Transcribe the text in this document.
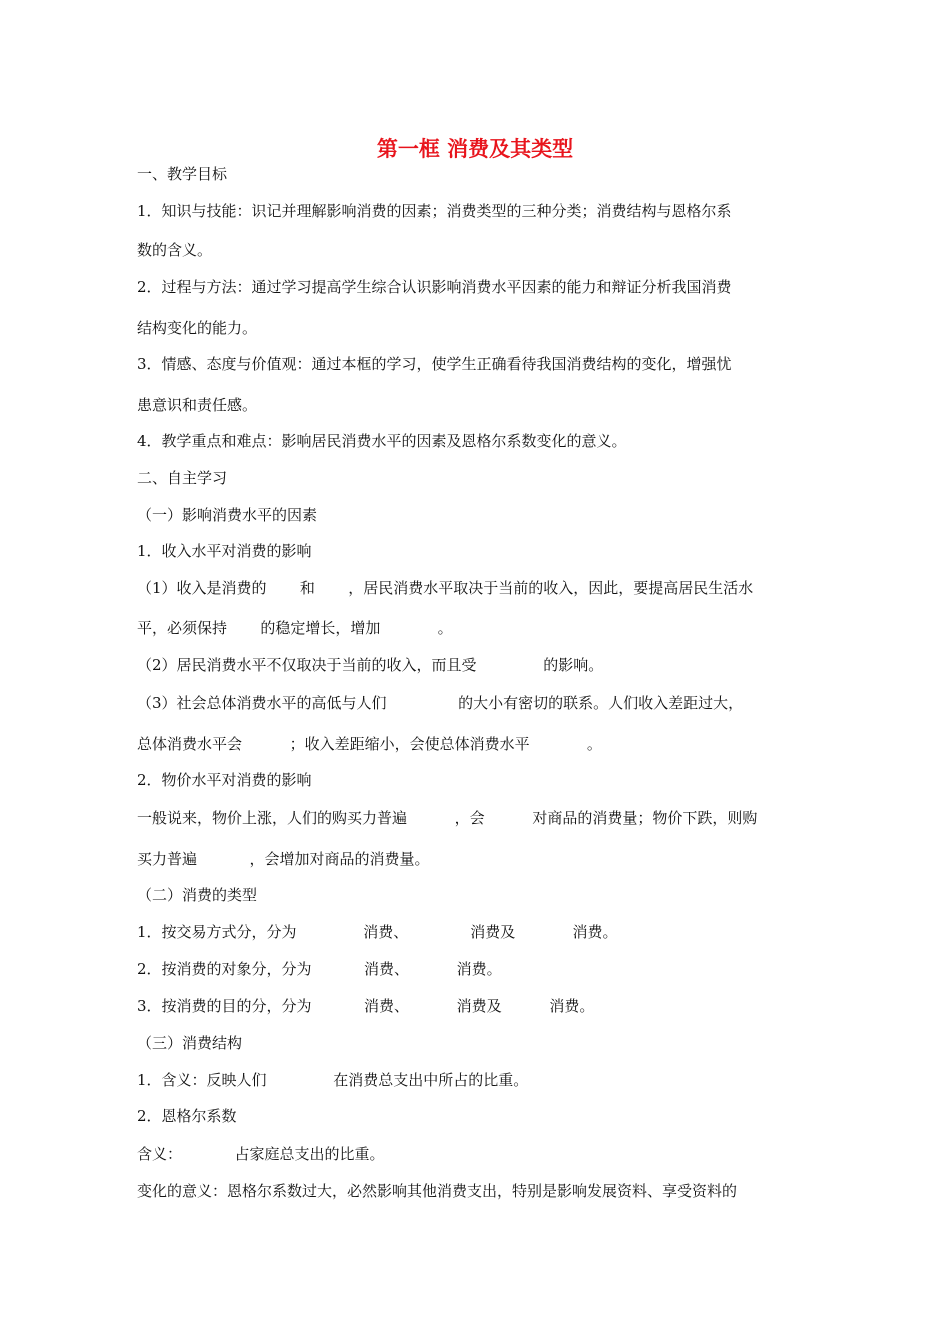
第一框 消费及其类型
一、教学目标
1．知识与技能：识记并理解影响消费的因素；消费类型的三种分类；消费结构与恩格尔系
数的含义。
2．过程与方法：通过学习提高学生综合认识影响消费水平因素的能力和辩证分析我国消费
结构变化的能力。
3．情感、态度与价值观：通过本框的学习，使学生正确看待我国消费结构的变化，增强忧
患意识和责任感。
4．教学重点和难点：影响居民消费水平的因素及恩格尔系数变化的意义。
二、自主学习
（一）影响消费水平的因素
1．收入水平对消费的影响
（1）收入是消费的       和       ，居民消费水平取决于当前的收入，因此，要提高居民生活水
平，必须保持       的稳定增长，增加            。
（2）居民消费水平不仅取决于当前的收入，而且受              的影响。
（3）社会总体消费水平的高低与人们               的大小有密切的联系。人们收入差距过大，
总体消费水平会          ；收入差距缩小，会使总体消费水平            。
2．物价水平对消费的影响
一般说来，物价上涨，人们的购买力普遍          ，会          对商品的消费量；物价下跌，则购
买力普遍           ，会增加对商品的消费量。
（二）消费的类型
1．按交易方式分，分为              消费、             消费及            消费。
2．按消费的对象分，分为           消费、          消费。
3．按消费的目的分，分为           消费、          消费及          消费。
（三）消费结构
1．含义：反映人们              在消费总支出中所占的比重。
2．恩格尔系数
含义：           占家庭总支出的比重。
变化的意义：恩格尔系数过大，必然影响其他消费支出，特别是影响发展资料、享受资料的
